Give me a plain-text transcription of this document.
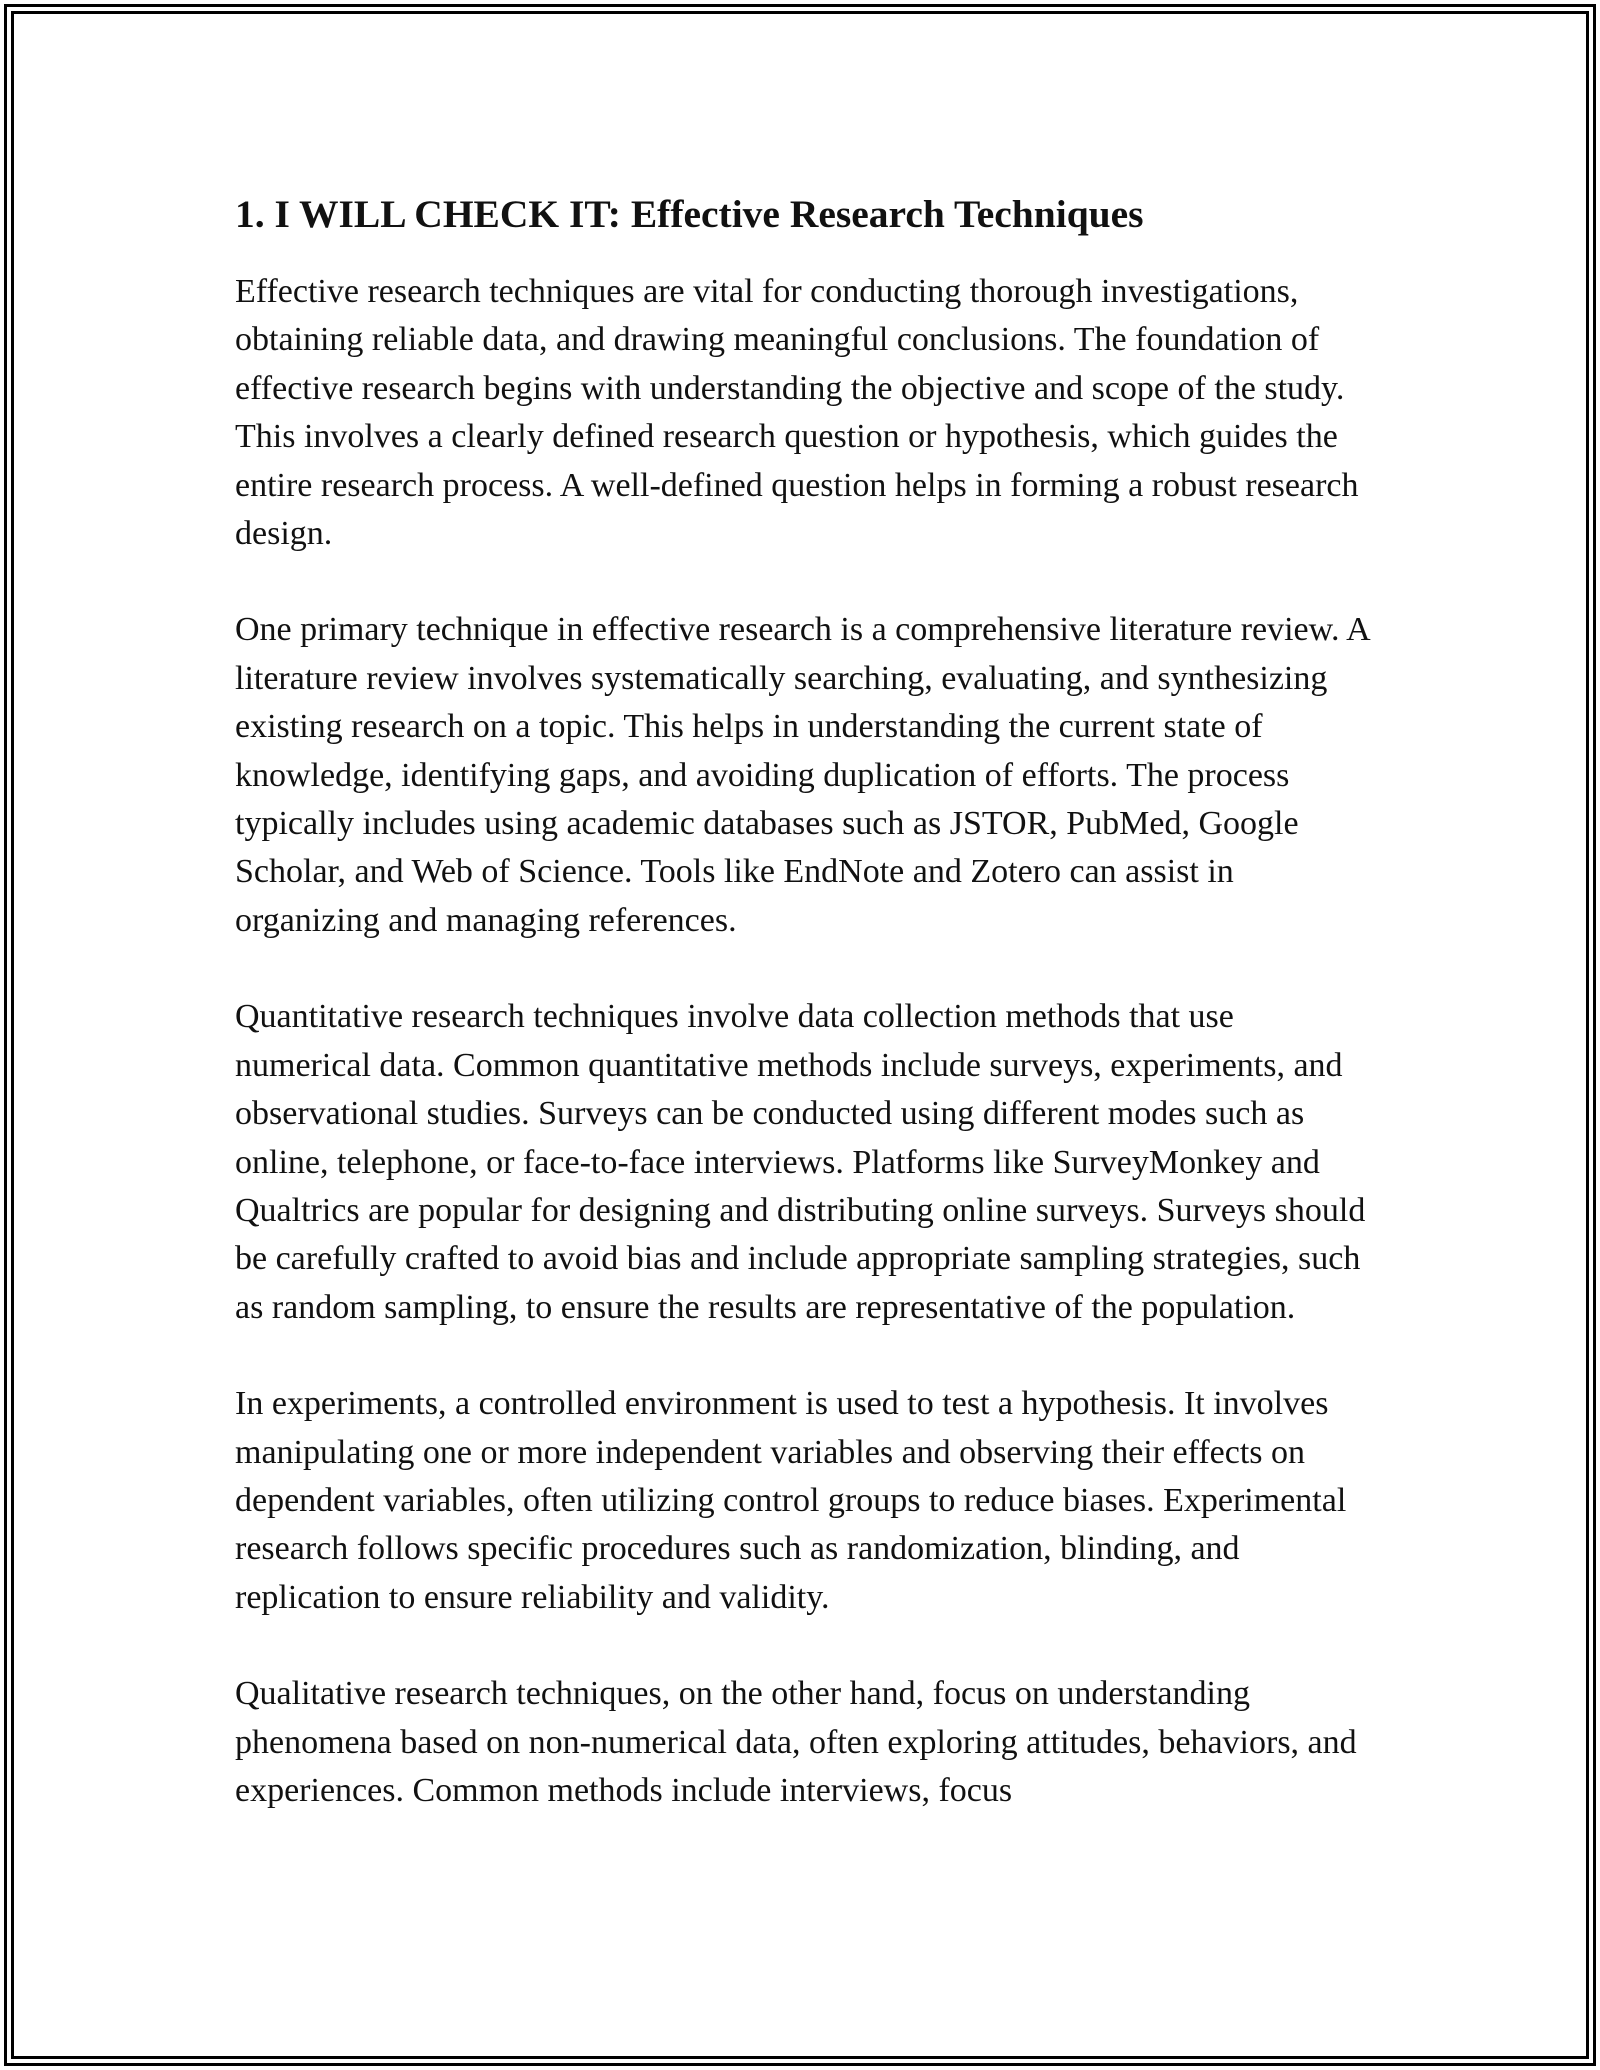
1. I WILL CHECK IT: Effective Research Techniques

Effective research techniques are vital for conducting thorough investigations, obtaining reliable data, and drawing meaningful conclusions. The foundation of effective research begins with understanding the objective and scope of the study. This involves a clearly defined research question or hypothesis, which guides the entire research process. A well-defined question helps in forming a robust research design.

One primary technique in effective research is a comprehensive literature review. A literature review involves systematically searching, evaluating, and synthesizing existing research on a topic. This helps in understanding the current state of knowledge, identifying gaps, and avoiding duplication of efforts. The process typically includes using academic databases such as JSTOR, PubMed, Google Scholar, and Web of Science. Tools like EndNote and Zotero can assist in organizing and managing references.

Quantitative research techniques involve data collection methods that use numerical data. Common quantitative methods include surveys, experiments, and observational studies. Surveys can be conducted using different modes such as online, telephone, or face-to-face interviews. Platforms like SurveyMonkey and Qualtrics are popular for designing and distributing online surveys. Surveys should be carefully crafted to avoid bias and include appropriate sampling strategies, such as random sampling, to ensure the results are representative of the population.

In experiments, a controlled environment is used to test a hypothesis. It involves manipulating one or more independent variables and observing their effects on dependent variables, often utilizing control groups to reduce biases. Experimental research follows specific procedures such as randomization, blinding, and replication to ensure reliability and validity.

Qualitative research techniques, on the other hand, focus on understanding phenomena based on non-numerical data, often exploring attitudes, behaviors, and experiences. Common methods include interviews, focus
